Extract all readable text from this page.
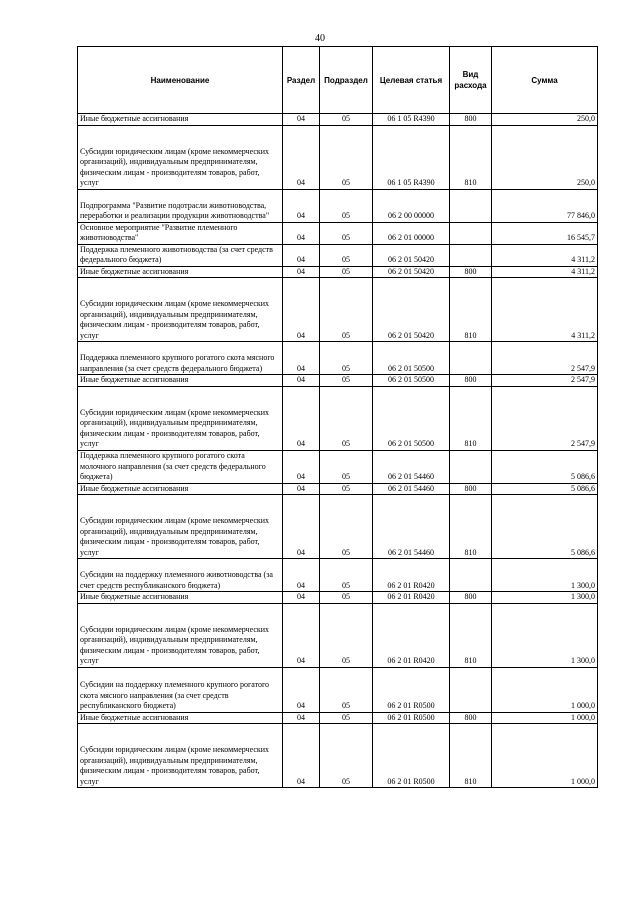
40
Наименование	Раздел	Подраздел	Целевая статья	Вид расхода	Сумма
Иные бюджетные ассигнования	04	05	06 1 05 R4390	800	250,0
Субсидии юридическим лицам (кроме некоммерческих организаций), индивидуальным предпринимателям, физическим лицам - производителям товаров, работ, услуг	04	05	06 1 05 R4390	810	250,0
Подпрограмма "Развитие подотрасли животноводства, переработки и реализации продукции животноводства"	04	05	06 2 00 00000		77 846,0
Основное мероприятие "Развитие племенного животноводства"	04	05	06 2 01 00000		16 545,7
Поддержка племенного животноводства (за счет средств федерального бюджета)	04	05	06 2 01 50420		4 311,2
Иные бюджетные ассигнования	04	05	06 2 01 50420	800	4 311,2
Субсидии юридическим лицам (кроме некоммерческих организаций), индивидуальным предпринимателям, физическим лицам - производителям товаров, работ, услуг	04	05	06 2 01 50420	810	4 311,2
Поддержка племенного крупного рогатого скота мясного направления (за счет средств федерального бюджета)	04	05	06 2 01 50500		2 547,9
Иные бюджетные ассигнования	04	05	06 2 01 50500	800	2 547,9
Субсидии юридическим лицам (кроме некоммерческих организаций), индивидуальным предпринимателям, физическим лицам - производителям товаров, работ, услуг	04	05	06 2 01 50500	810	2 547,9
Поддержка племенного крупного рогатого скота молочного направления (за счет средств федерального бюджета)	04	05	06 2 01 54460		5 086,6
Иные бюджетные ассигнования	04	05	06 2 01 54460	800	5 086,6
Субсидии юридическим лицам (кроме некоммерческих организаций), индивидуальным предпринимателям, физическим лицам - производителям товаров, работ, услуг	04	05	06 2 01 54460	810	5 086,6
Субсидии на поддержку племенного животноводства (за счет средств республиканского бюджета)	04	05	06 2 01 R0420		1 300,0
Иные бюджетные ассигнования	04	05	06 2 01 R0420	800	1 300,0
Субсидии юридическим лицам (кроме некоммерческих организаций), индивидуальным предпринимателям, физическим лицам - производителям товаров, работ, услуг	04	05	06 2 01 R0420	810	1 300,0
Субсидии на поддержку племенного крупного рогатого скота мясного направления (за счет средств республиканского бюджета)	04	05	06 2 01 R0500		1 000,0
Иные бюджетные ассигнования	04	05	06 2 01 R0500	800	1 000,0
Субсидии юридическим лицам (кроме некоммерческих организаций), индивидуальным предпринимателям, физическим лицам - производителям товаров, работ, услуг	04	05	06 2 01 R0500	810	1 000,0
